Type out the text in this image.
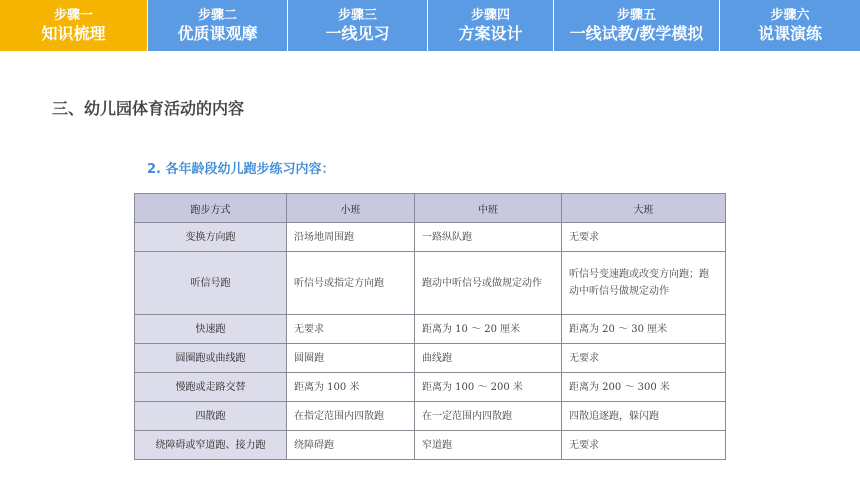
步骤一
知识梳理
步骤二
优质课观摩
步骤三
一线见习
步骤四
方案设计
步骤五
一线试教/教学模拟
步骤六
说课演练
三、幼儿园体育活动的内容
2. 各年龄段幼儿跑步练习内容：
跑步方式	小班	中班	大班
变换方向跑	沿场地周围跑	一路纵队跑	无要求
听信号跑	听信号或指定方向跑	跑动中听信号或做规定动作	听信号变速跑或改变方向跑；跑动中听信号做规定动作
快速跑	无要求	距离为 10 ～ 20 厘米	距离为 20 ～ 30 厘米
圆圈跑或曲线跑	圆圈跑	曲线跑	无要求
慢跑或走路交替	距离为 100 米	距离为 100 ～ 200 米	距离为 200 ～ 300 米
四散跑	在指定范围内四散跑	在一定范围内四散跑	四散追逐跑，躲闪跑
绕障碍或窄道跑、接力跑	绕障碍跑	窄道跑	无要求
